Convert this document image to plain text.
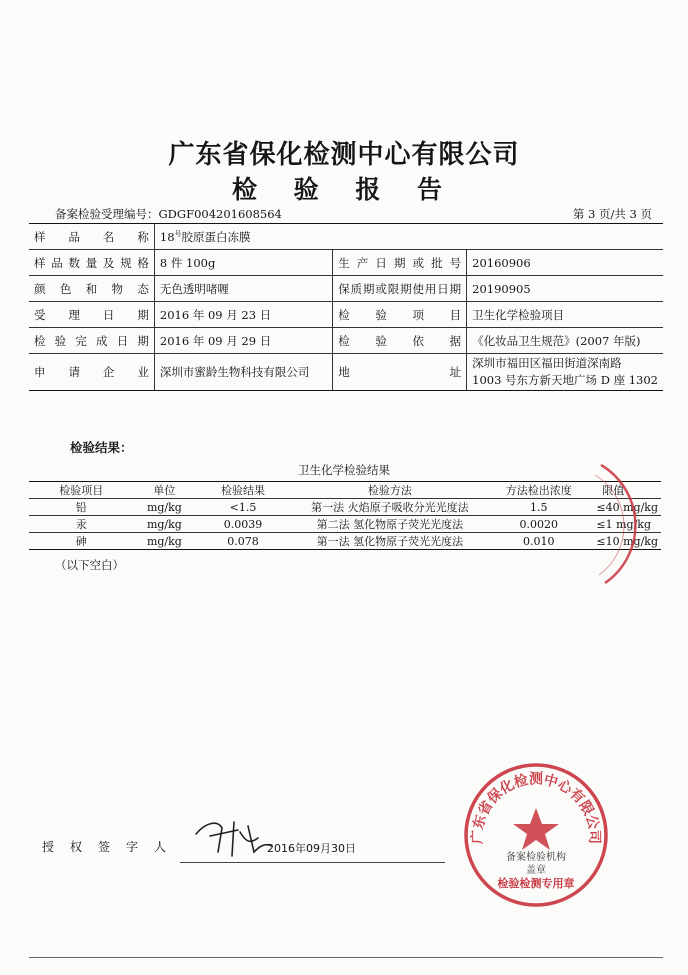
广东省保化检测中心有限公司
检 验 报 告
备案检验受理编号：GDGF004201608564	第 3 页/共 3 页
样品名称	$18^号$胶原蛋白冻膜		
样品数量及规格	8 件 100g	生产日期或批号	20160906
颜色和物态	无色透明啫喱	保质期或限期使用日期	20190905
受理日期	2016 年 09 月 23 日	检验项目	卫生化学检验项目
检验完成日期	2016 年 09 月 29 日	检验依据	《化妆品卫生规范》(2007 年版)
申请企业	深圳市蜜龄生物科技有限公司	地址	深圳市福田区福田街道深南路
1003 号东方新天地广场 D 座 1302
检验结果：
卫生化学检验结果
检验项目	单位	检验结果	检验方法	方法检出浓度	限值
铅	mg/kg	<1.5	第一法 火焰原子吸收分光光度法	1.5	≤40 mg/kg
汞	mg/kg	0.0039	第二法 氢化物原子荧光光度法	0.0020	≤1 mg/kg
砷	mg/kg	0.078	第一法 氢化物原子荧光光度法	0.010	≤10 mg/kg
（以下空白）
授权签字人	2016年09月30日
广东省保化检测中心有限公司
备案检验机构
盖章
检验检测专用章
